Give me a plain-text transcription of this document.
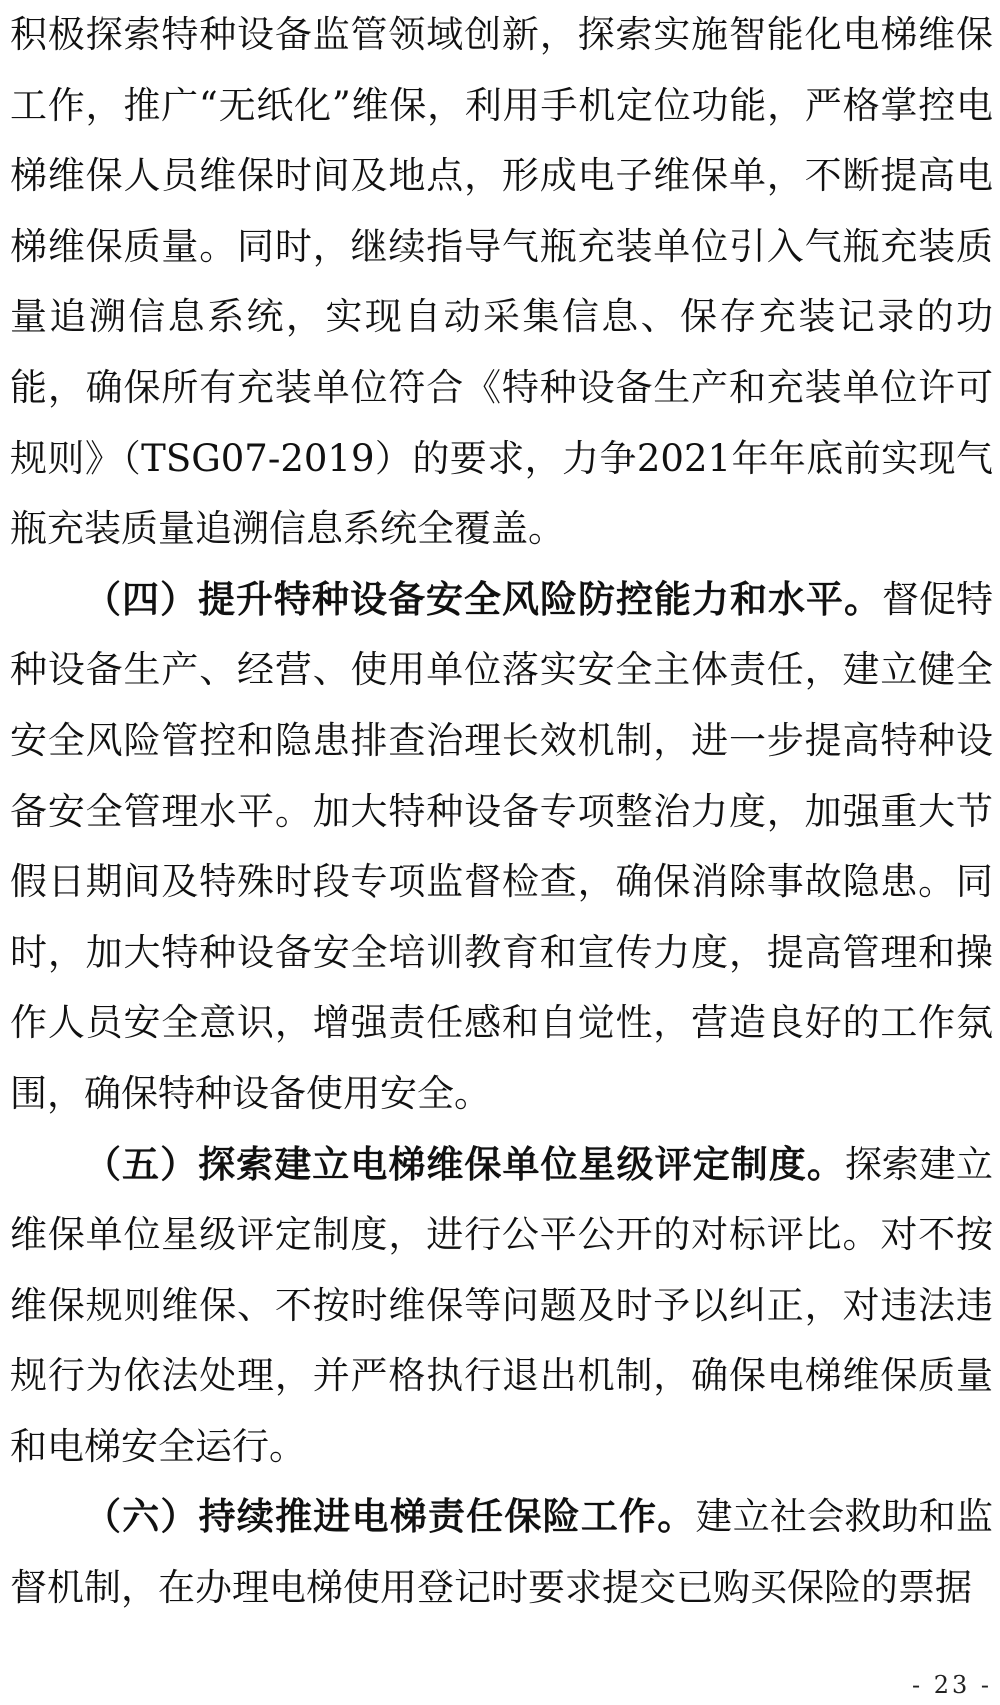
积极探索特种设备监管领域创新，探索实施智能化电梯维保工作，推广“无纸化”维保，利用手机定位功能，严格掌控电梯维保人员维保时间及地点，形成电子维保单，不断提高电梯维保质量。同时，继续指导气瓶充装单位引入气瓶充装质量追溯信息系统，实现自动采集信息、保存充装记录的功能，确保所有充装单位符合《特种设备生产和充装单位许可规则》（TSG07-2019）的要求，力争2021年年底前实现气瓶充装质量追溯信息系统全覆盖。

（四）提升特种设备安全风险防控能力和水平。督促特种设备生产、经营、使用单位落实安全主体责任，建立健全安全风险管控和隐患排查治理长效机制，进一步提高特种设备安全管理水平。加大特种设备专项整治力度，加强重大节假日期间及特殊时段专项监督检查，确保消除事故隐患。同时，加大特种设备安全培训教育和宣传力度，提高管理和操作人员安全意识，增强责任感和自觉性，营造良好的工作氛围，确保特种设备使用安全。

（五）探索建立电梯维保单位星级评定制度。探索建立维保单位星级评定制度，进行公平公开的对标评比。对不按维保规则维保、不按时维保等问题及时予以纠正，对违法违规行为依法处理，并严格执行退出机制，确保电梯维保质量和电梯安全运行。

（六）持续推进电梯责任保险工作。建立社会救助和监督机制，在办理电梯使用登记时要求提交已购买保险的票据

- 23 -
